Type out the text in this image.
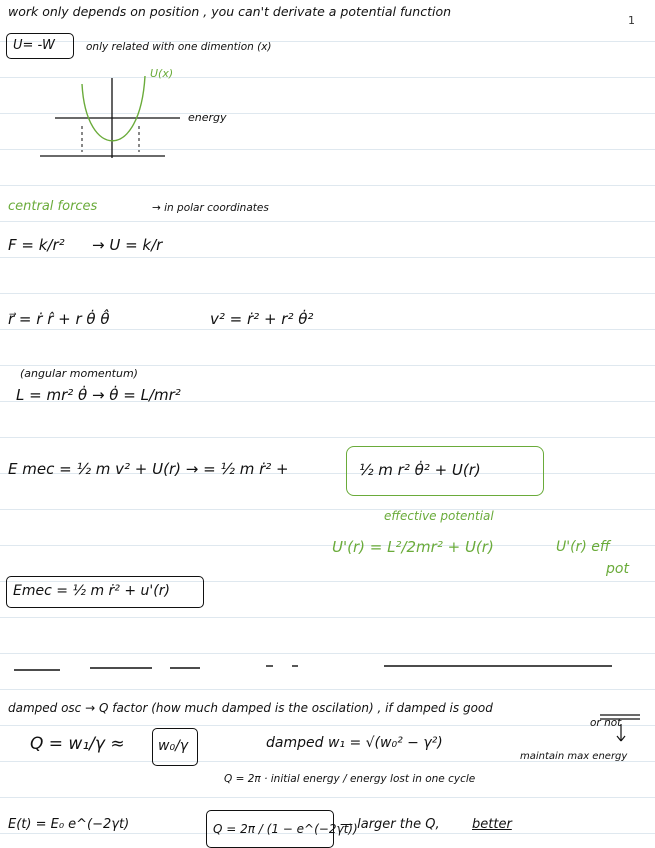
1
work only depends on position , you can't derivate a potential function
U= -W	only related with one dimention (x)
U(x)
energy
central forces	→ in polar coordinates
F = k/r² → U = k/r
r⃗ = ṙ r̂ + r θ̇ θ̂	v² = ṙ² + r² θ̇²
(angular momentum)
L = mr² θ̇ → θ̇ = L/mr²
E mec = ½ m v² + U(r) → = ½ m ṙ² +	½ m r² θ̇² + U(r)
effective potential
U'(r) = L²/2mr² + U(r)	U'(r) eff
pot
Emec = ½ m ṙ² + u'(r)
damped osc → Q factor (how much damped is the oscilation) , if damped is good
or not
Q = w₁/γ ≈ w₀/γ	damped w₁ = √(w₀² − γ²)
maintain max energy
Q = 2π · initial energy / energy lost in one cycle
E(t) = E₀ e^(−2γt)	Q = 2π / (1 − e^(−2γt))
— larger the Q, better
